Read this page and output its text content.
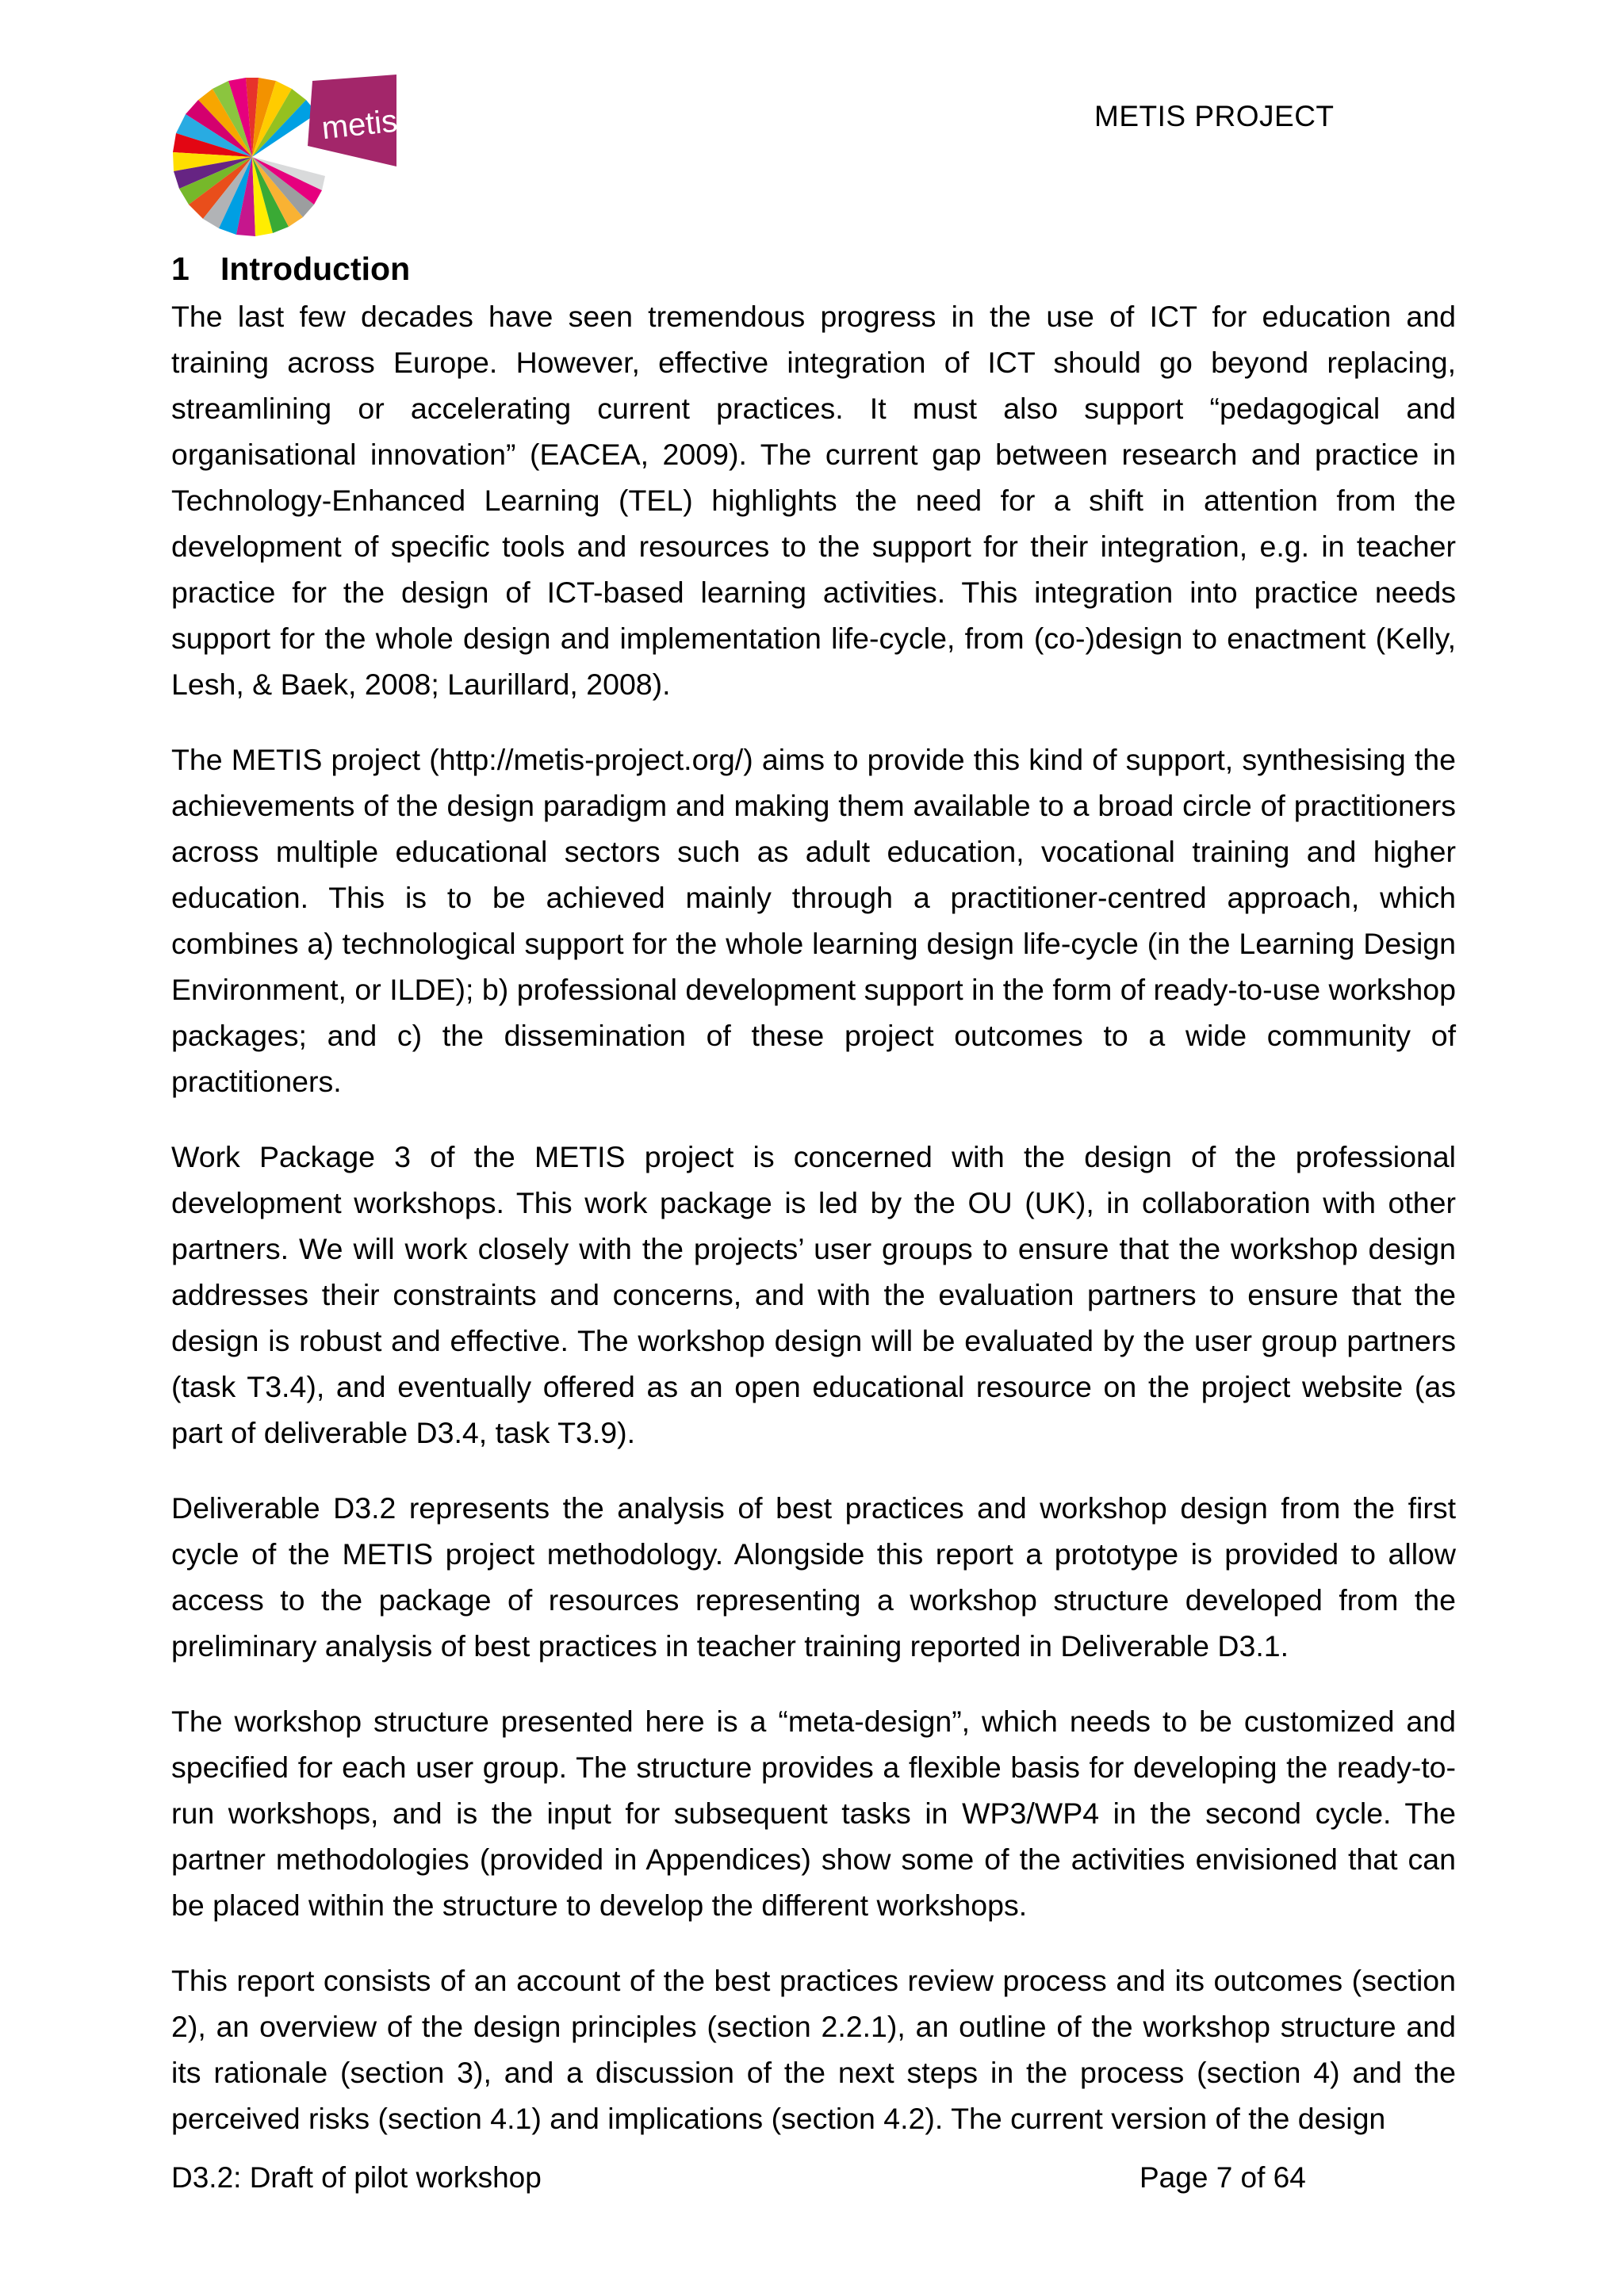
metis	METIS PROJECT
1 Introduction

The last few decades have seen tremendous progress in the use of ICT for education and training across Europe. However, effective integration of ICT should go beyond replacing, streamlining or accelerating current practices. It must also support “pedagogical and organisational innovation” (EACEA, 2009). The current gap between research and practice in Technology-Enhanced Learning (TEL) highlights the need for a shift in attention from the development of specific tools and resources to the support for their integration, e.g. in teacher practice for the design of ICT-based learning activities. This integration into practice needs support for the whole design and implementation life-cycle, from (co-)design to enactment (Kelly, Lesh, & Baek, 2008; Laurillard, 2008).

The METIS project (http://metis-project.org/) aims to provide this kind of support, synthesising the achievements of the design paradigm and making them available to a broad circle of practitioners across multiple educational sectors such as adult education, vocational training and higher education. This is to be achieved mainly through a practitioner-centred approach, which combines a) technological support for the whole learning design life-cycle (in the Learning Design Environment, or ILDE); b) professional development support in the form of ready-to-use workshop packages; and c) the dissemination of these project outcomes to a wide community of practitioners.

Work Package 3 of the METIS project is concerned with the design of the professional development workshops. This work package is led by the OU (UK), in collaboration with other partners. We will work closely with the projects’ user groups to ensure that the workshop design addresses their constraints and concerns, and with the evaluation partners to ensure that the design is robust and effective. The workshop design will be evaluated by the user group partners (task T3.4), and eventually offered as an open educational resource on the project website (as part of deliverable D3.4, task T3.9).

Deliverable D3.2 represents the analysis of best practices and workshop design from the first cycle of the METIS project methodology. Alongside this report a prototype is provided to allow access to the package of resources representing a workshop structure developed from the preliminary analysis of best practices in teacher training reported in Deliverable D3.1.

The workshop structure presented here is a “meta-design”, which needs to be customized and specified for each user group. The structure provides a flexible basis for developing the ready-to-run workshops, and is the input for subsequent tasks in WP3/WP4 in the second cycle. The partner methodologies (provided in Appendices) show some of the activities envisioned that can be placed within the structure to develop the different workshops.

This report consists of an account of the best practices review process and its outcomes (section 2), an overview of the design principles (section 2.2.1), an outline of the workshop structure and its rationale (section 3), and a discussion of the next steps in the process (section 4) and the perceived risks (section 4.1) and implications (section 4.2). The current version of the design

D3.2: Draft of pilot workshop	Page 7 of 64
